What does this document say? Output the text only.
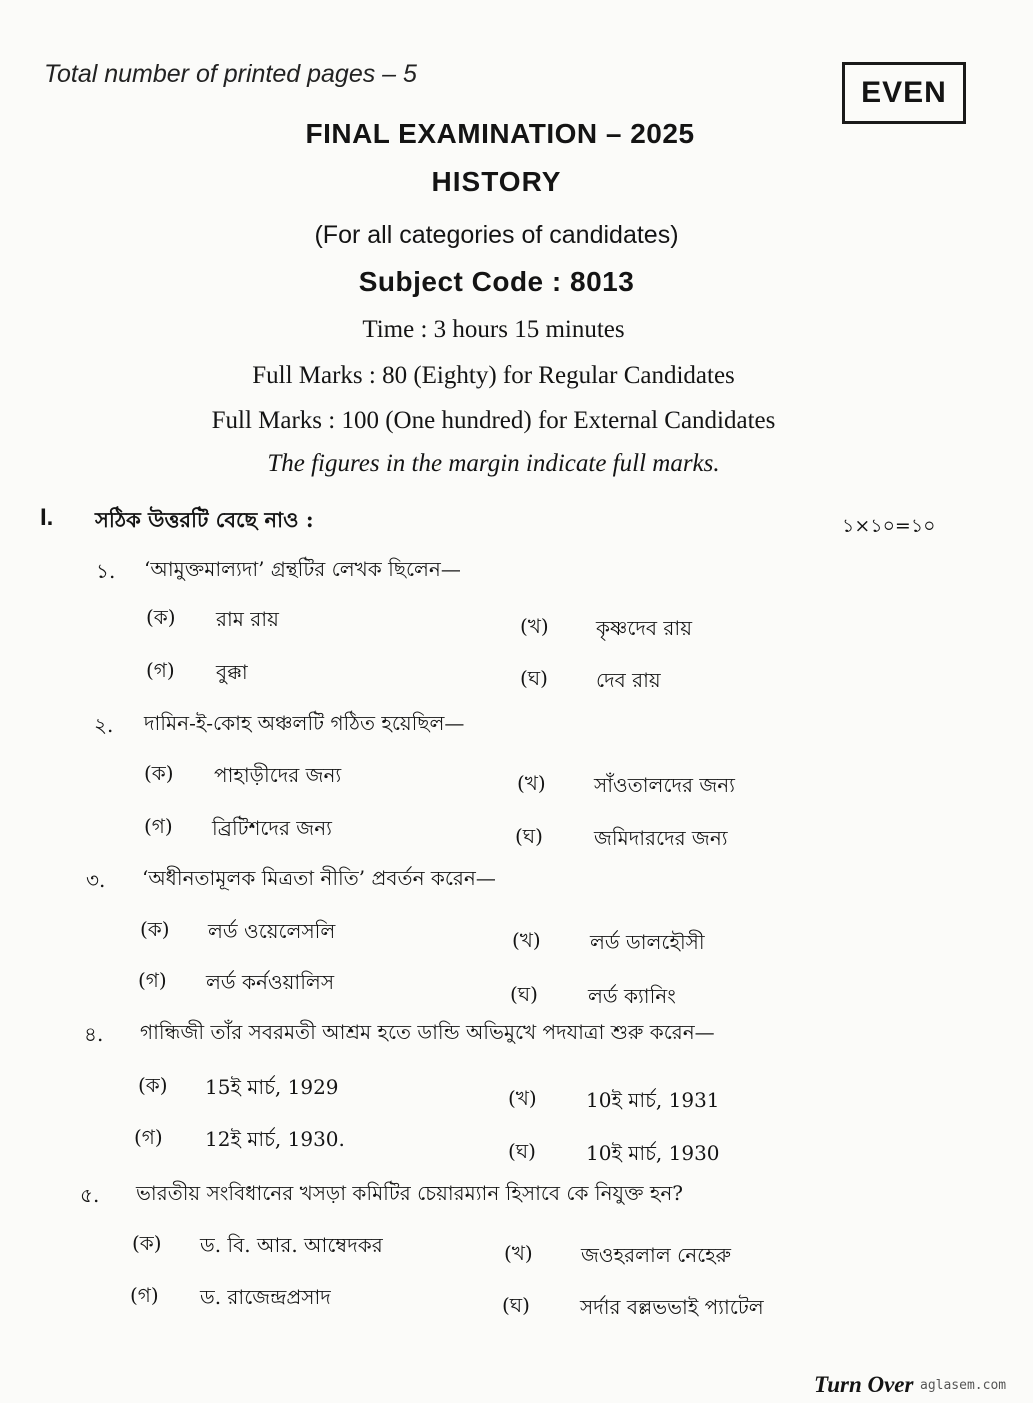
Total number of printed pages – 5
EVEN
FINAL EXAMINATION – 2025
HISTORY
(For all categories of candidates)
Subject Code : 8013
Time : 3 hours 15 minutes
Full Marks : 80 (Eighty) for Regular Candidates
Full Marks : 100 (One hundred) for External Candidates
The figures in the margin indicate full marks.
I. সঠিক উত্তরটি বেছে নাও :	১×১০=১০
১. ‘আমুক্তমাল্যদা’ গ্রন্থটির লেখক ছিলেন—
(ক) রাম রায়	(খ) কৃষ্ণদেব রায়
(গ) বুক্কা	(ঘ) দেব রায়
২. দামিন-ই-কোহ অঞ্চলটি গঠিত হয়েছিল—
(ক) পাহাড়ীদের জন্য	(খ) সাঁওতালদের জন্য
(গ) ব্রিটিশদের জন্য	(ঘ)	জমিদারদের জন্য
৩. ‘অধীনতামূলক মিত্রতা নীতি’ প্রবর্তন করেন—
(ক) লর্ড ওয়েলেসলি	(খ) লর্ড ডালহৌসী
(গ) লর্ড কর্নওয়ালিস	(ঘ)	লর্ড ক্যানিং
৪. গান্ধিজী তাঁর সবরমতী আশ্রম হতে ডান্ডি অভিমুখে পদযাত্রা শুরু করেন—
(ক) 15ই মার্চ, 1929	(খ) 10ই মার্চ, 1931
(গ) 12ই মার্চ, 1930.	(ঘ)	10ই মার্চ, 1930
৫. ভারতীয় সংবিধানের খসড়া কমিটির চেয়ারম্যান হিসাবে কে নিযুক্ত হন?
(ক) ড. বি. আর. আম্বেদকর	(খ) জওহরলাল নেহেরু
(গ) ড. রাজেন্দ্রপ্রসাদ	(ঘ)	সর্দার বল্লভভাই প্যাটেল
Turn Over aglasem.com
